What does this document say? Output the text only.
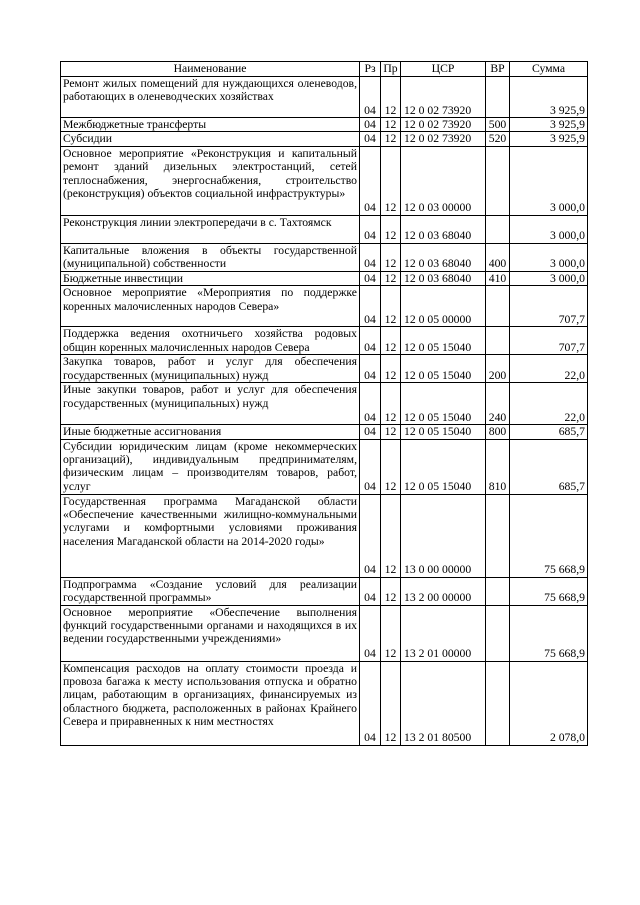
Наименование	Рз	Пр	ЦСР	ВР	Сумма
Ремонт жилых помещений для нуждающихся оленеводов, работающих в оленеводческих хозяйствах	04	12	12 0 02 73920		3 925,9
Межбюджетные трансферты	04	12	12 0 02 73920	500	3 925,9
Субсидии	04	12	12 0 02 73920	520	3 925,9
Основное мероприятие «Реконструкция и капитальный ремонт зданий дизельных электростанций, сетей теплоснабжения, энергоснабжения, строительство (реконструкция) объектов социальной инфраструктуры»	04	12	12 0 03 00000		3 000,0
Реконструкция линии электропередачи в с. Тахтоямск	04	12	12 0 03 68040		3 000,0
Капитальные вложения в объекты государственной (муниципальной) собственности	04	12	12 0 03 68040	400	3 000,0
Бюджетные инвестиции	04	12	12 0 03 68040	410	3 000,0
Основное мероприятие «Мероприятия по поддержке коренных малочисленных народов Севера»	04	12	12 0 05 00000		707,7
Поддержка ведения охотничьего хозяйства родовых общин коренных малочисленных народов Севера	04	12	12 0 05 15040		707,7
Закупка товаров, работ и услуг для обеспечения государственных (муниципальных) нужд	04	12	12 0 05 15040	200	22,0
Иные закупки товаров, работ и услуг для обеспечения государственных (муниципальных) нужд	04	12	12 0 05 15040	240	22,0
Иные бюджетные ассигнования	04	12	12 0 05 15040	800	685,7
Субсидии юридическим лицам (кроме некоммерческих организаций), индивидуальным предпринимателям, физическим лицам – производителям товаров, работ, услуг	04	12	12 0 05 15040	810	685,7
Государственная программа Магаданской области «Обеспечение качественными жилищно-коммунальными услугами и комфортными условиями проживания населения Магаданской области на 2014-2020 годы»	04	12	13 0 00 00000		75 668,9
Подпрограмма «Создание условий для реализации государственной программы»	04	12	13 2 00 00000		75 668,9
Основное мероприятие «Обеспечение выполнения функций государственными органами и находящихся в их ведении государственными учреждениями»	04	12	13 2 01 00000		75 668,9
Компенсация расходов на оплату стоимости проезда и провоза багажа к месту использования отпуска и обратно лицам, работающим в организациях, финансируемых из областного бюджета, расположенных в районах Крайнего Севера и приравненных к ним местностях	04	12	13 2 01 80500		2 078,0
